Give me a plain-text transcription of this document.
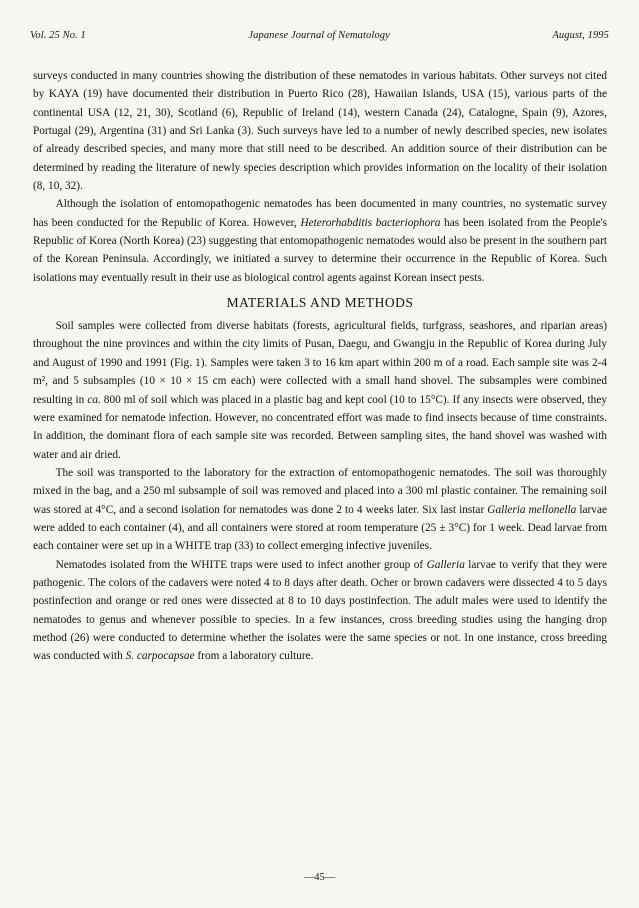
Vol. 25 No. 1	Japanese Journal of Nematology	August, 1995

surveys conducted in many countries showing the distribution of these nematodes in various habitats. Other surveys not cited by KAYA (19) have documented their distribution in Puerto Rico (28), Hawaiian Islands, USA (15), various parts of the continental USA (12, 21, 30), Scotland (6), Republic of Ireland (14), western Canada (24), Catalogne, Spain (9), Azores, Portugal (29), Argentina (31) and Sri Lanka (3). Such surveys have led to a number of newly described species, new isolates of already described species, and many more that still need to be described. An addition source of their distribution can be determined by reading the literature of newly species description which provides information on the locality of their isolation (8, 10, 32).

Although the isolation of entomopathogenic nematodes has been documented in many countries, no systematic survey has been conducted for the Republic of Korea. However, Heterorhabditis bacteriophora has been isolated from the People's Republic of Korea (North Korea) (23) suggesting that entomopathogenic nematodes would also be present in the southern part of the Korean Peninsula. Accordingly, we initiated a survey to determine their occurrence in the Republic of Korea. Such isolations may eventually result in their use as biological control agents against Korean insect pests.

MATERIALS AND METHODS

Soil samples were collected from diverse habitats (forests, agricultural fields, turfgrass, seashores, and riparian areas) throughout the nine provinces and within the city limits of Pusan, Daegu, and Gwangju in the Republic of Korea during July and August of 1990 and 1991 (Fig. 1). Samples were taken 3 to 16 km apart within 200 m of a road. Each sample site was 2-4 m², and 5 subsamples (10 × 10 × 15 cm each) were collected with a small hand shovel. The subsamples were combined resulting in ca. 800 ml of soil which was placed in a plastic bag and kept cool (10 to 15°C). If any insects were observed, they were examined for nematode infection. However, no concentrated effort was made to find insects because of time constraints. In addition, the dominant flora of each sample site was recorded. Between sampling sites, the hand shovel was washed with water and air dried.

The soil was transported to the laboratory for the extraction of entomopathogenic nematodes. The soil was thoroughly mixed in the bag, and a 250 ml subsample of soil was removed and placed into a 300 ml plastic container. The remaining soil was stored at 4°C, and a second isolation for nematodes was done 2 to 4 weeks later. Six last instar Galleria mellonella larvae were added to each container (4), and all containers were stored at room temperature (25 ± 3°C) for 1 week. Dead larvae from each container were set up in a WHITE trap (33) to collect emerging infective juveniles.

Nematodes isolated from the WHITE traps were used to infect another group of Galleria larvae to verify that they were pathogenic. The colors of the cadavers were noted 4 to 8 days after death. Ocher or brown cadavers were dissected 4 to 5 days postinfection and orange or red ones were dissected at 8 to 10 days postinfection. The adult males were used to identify the nematodes to genus and whenever possible to species. In a few instances, cross breeding studies using the hanging drop method (26) were conducted to determine whether the isolates were the same species or not. In one instance, cross breeding was conducted with S. carpocapsae from a laboratory culture.

—45—
